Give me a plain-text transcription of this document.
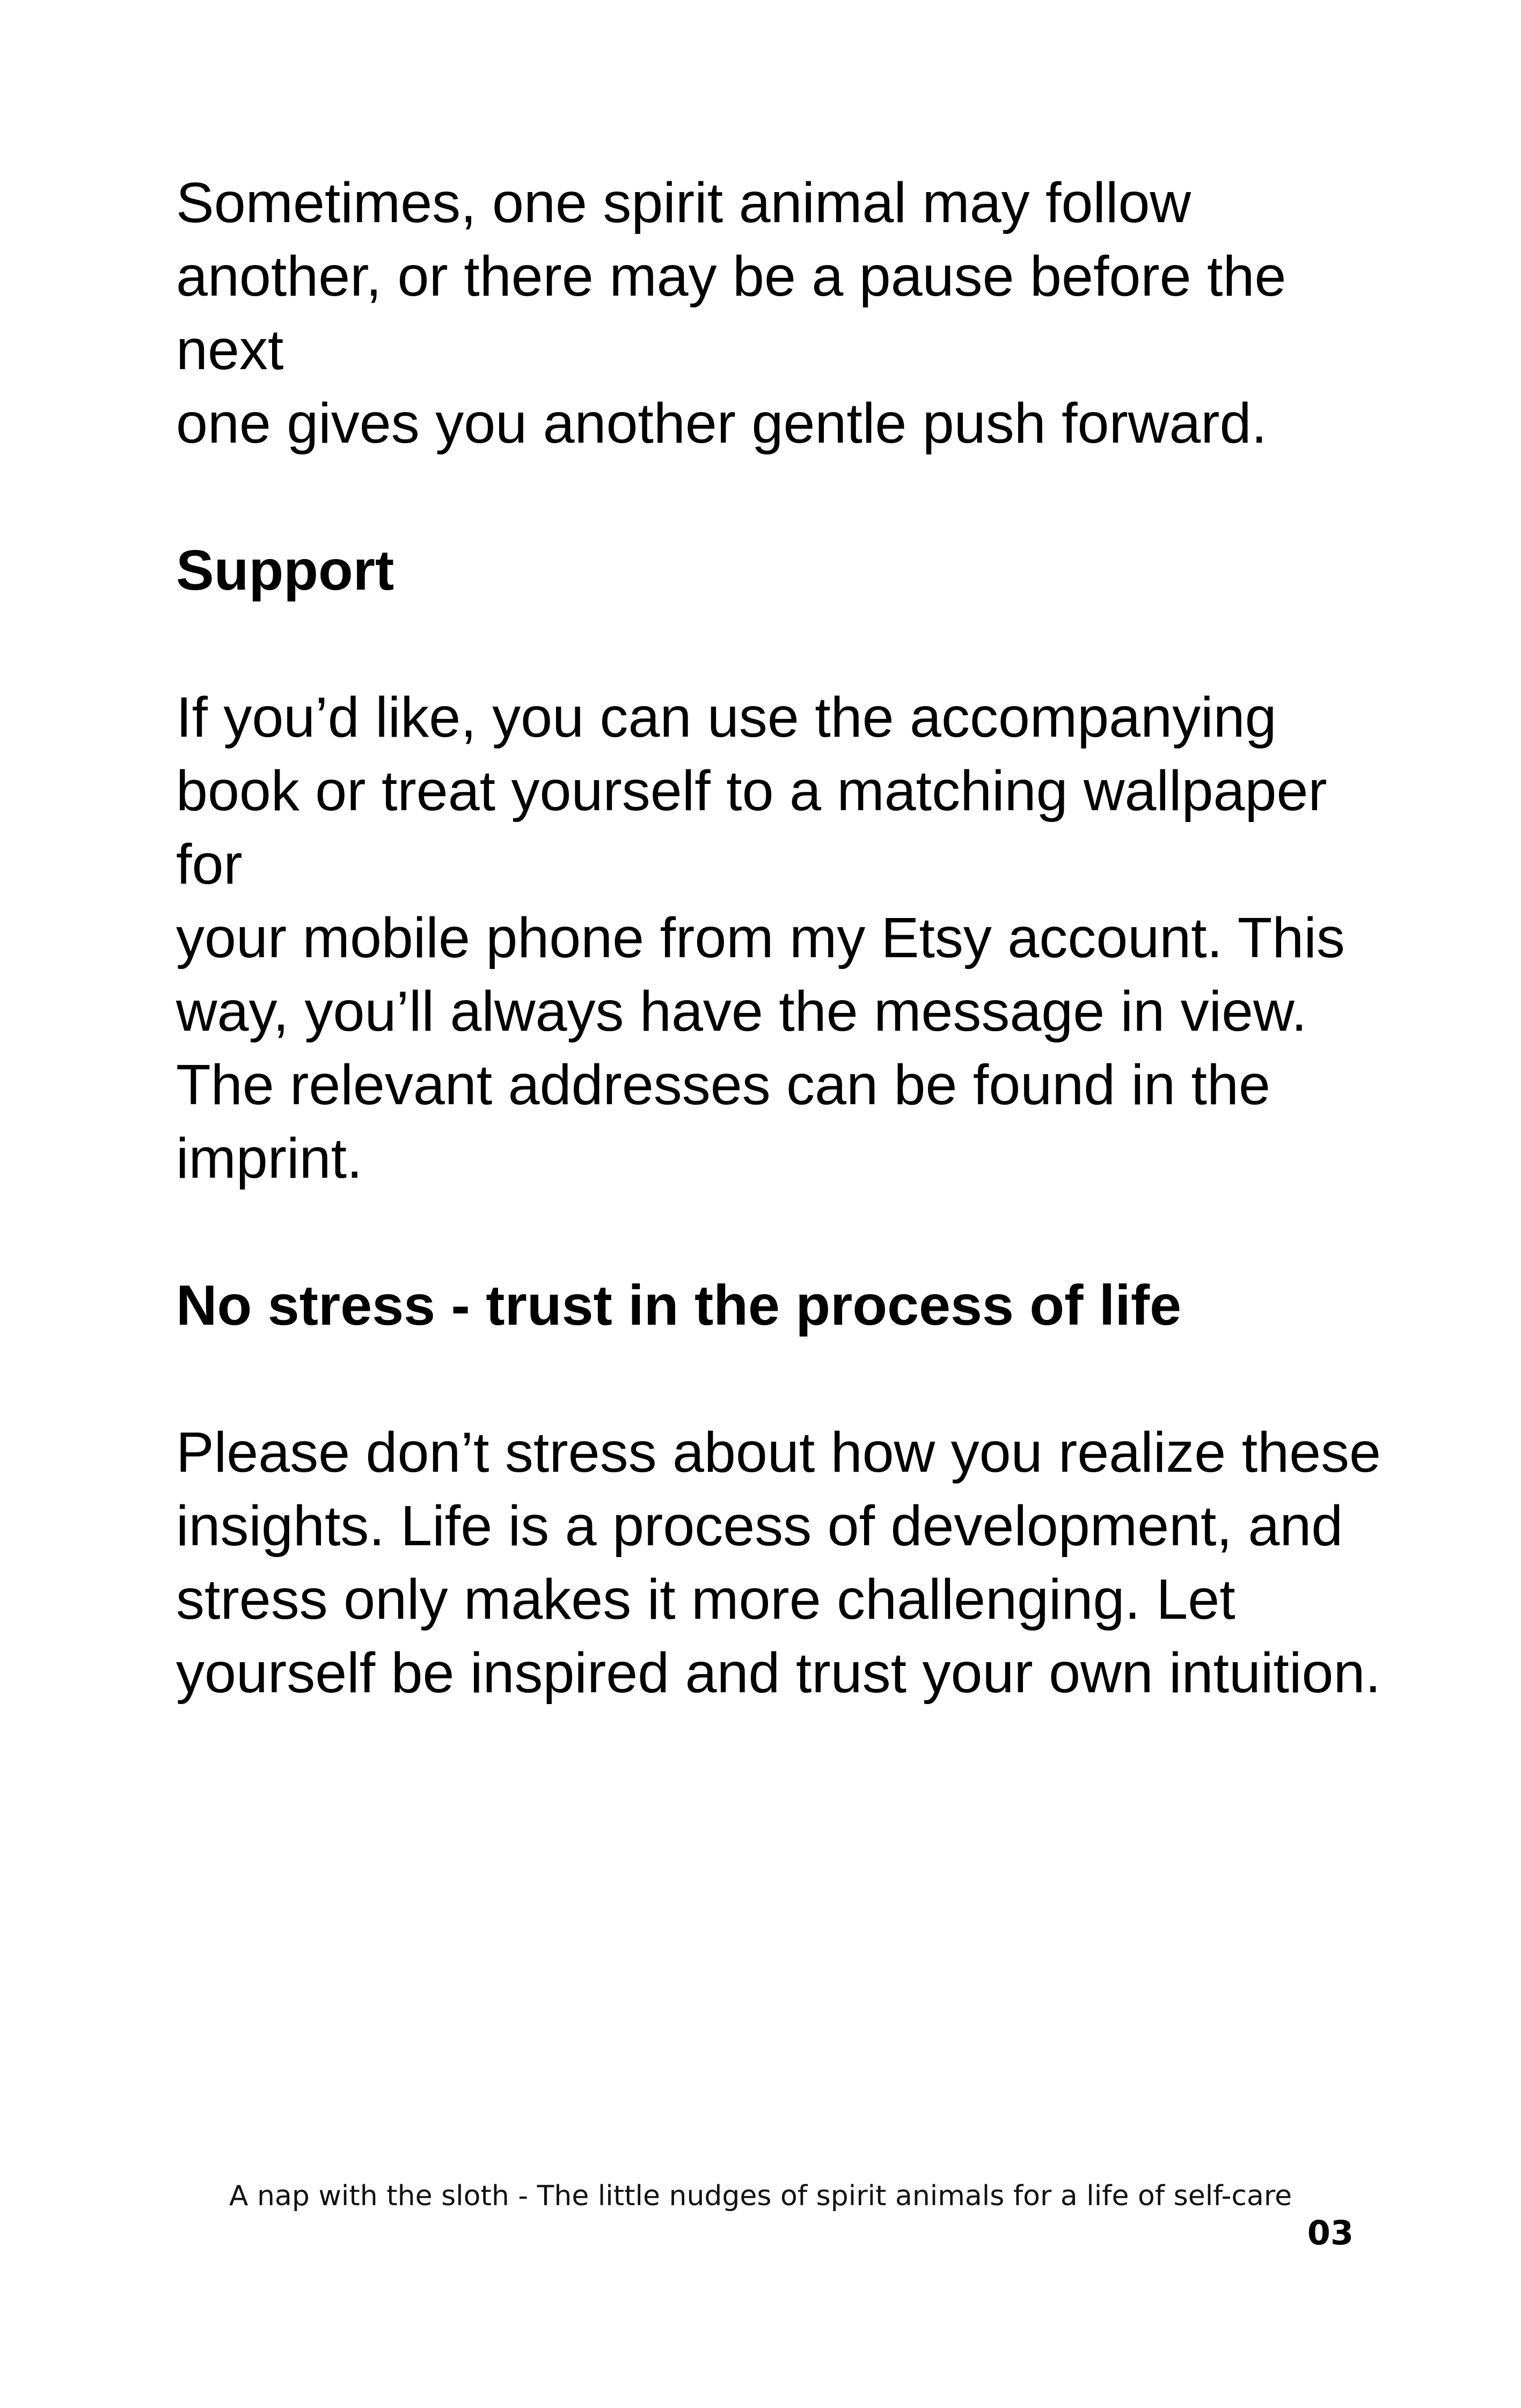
Sometimes, one spirit animal may follow
another, or there may be a pause before the next
one gives you another gentle push forward.

Support

If you’d like, you can use the accompanying
book or treat yourself to a matching wallpaper for
your mobile phone from my Etsy account. This
way, you’ll always have the message in view.
The relevant addresses can be found in the
imprint.

No stress - trust in the process of life

Please don’t stress about how you realize these
insights. Life is a process of development, and
stress only makes it more challenging. Let
yourself be inspired and trust your own intuition.

A nap with the sloth - The little nudges of spirit animals for a life of self-care
03
